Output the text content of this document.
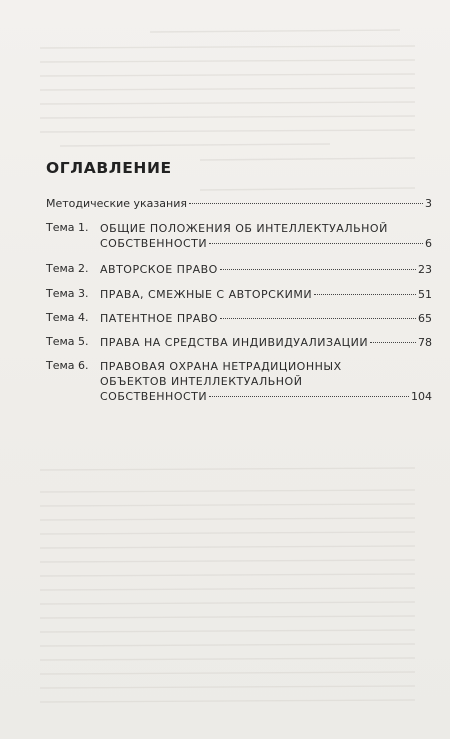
ОГЛАВЛЕНИЕ
Методические указания	3
Тема 1. ОБЩИЕ ПОЛОЖЕНИЯ ОБ ИНТЕЛЛЕКТУАЛЬНОЙ
СОБСТВЕННОСТИ	6
Тема 2. АВТОРСКОЕ ПРАВО	23
Тема 3. ПРАВА, СМЕЖНЫЕ С АВТОРСКИМИ	51
Тема 4. ПАТЕНТНОЕ ПРАВО	65
Тема 5. ПРАВА НА СРЕДСТВА ИНДИВИДУАЛИЗАЦИИ	78
Тема 6. ПРАВОВАЯ ОХРАНА НЕТРАДИЦИОННЫХ
ОБЪЕКТОВ ИНТЕЛЛЕКТУАЛЬНОЙ
СОБСТВЕННОСТИ	104
